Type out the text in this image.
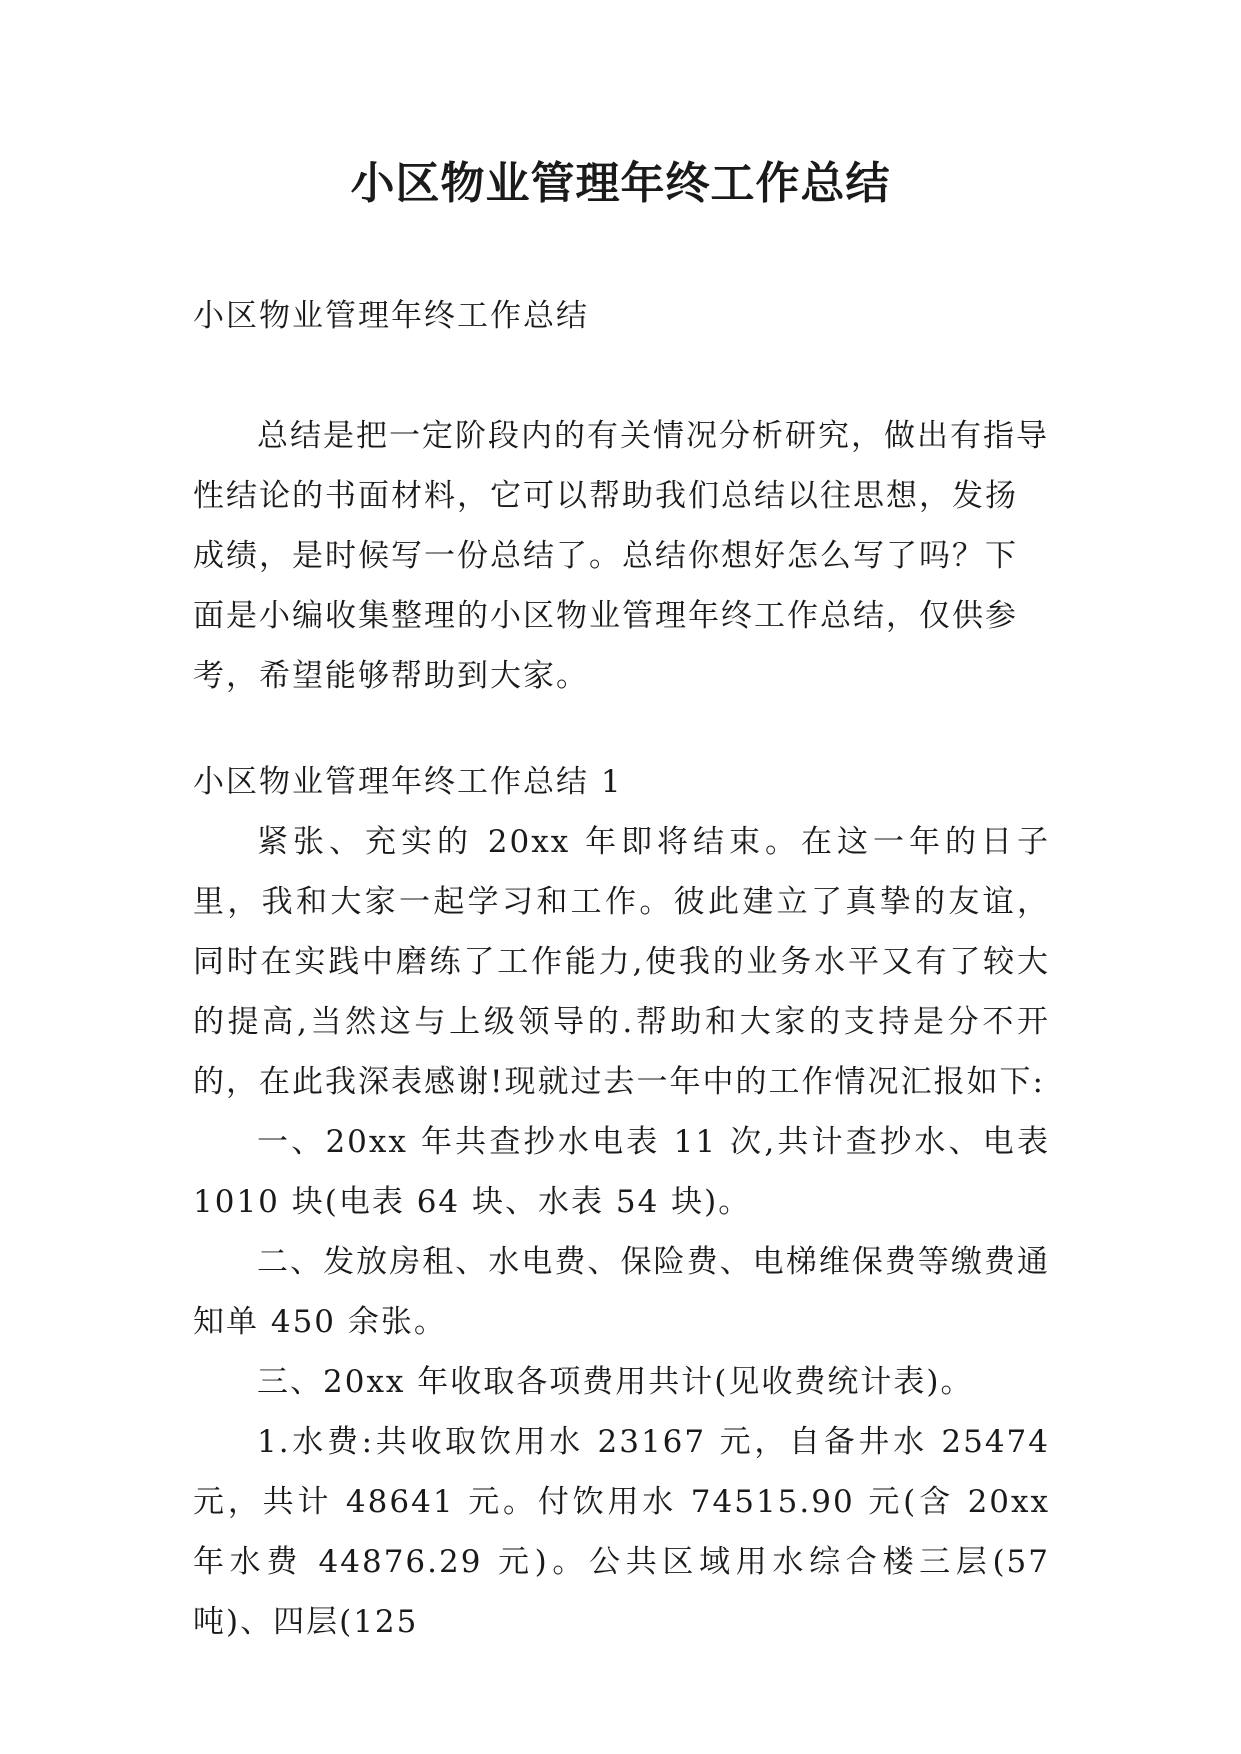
小区物业管理年终工作总结

小区物业管理年终工作总结

总结是把一定阶段内的有关情况分析研究，做出有指导性结论的书面材料，它可以帮助我们总结以往思想，发扬成绩，是时候写一份总结了。总结你想好怎么写了吗？下面是小编收集整理的小区物业管理年终工作总结，仅供参考，希望能够帮助到大家。

小区物业管理年终工作总结 1

紧张、充实的 20xx 年即将结束。在这一年的日子里，我和大家一起学习和工作。彼此建立了真挚的友谊，同时在实践中磨练了工作能力,使我的业务水平又有了较大的提高,当然这与上级领导的.帮助和大家的支持是分不开的，在此我深表感谢!现就过去一年中的工作情况汇报如下:

一、20xx 年共查抄水电表 11 次,共计查抄水、电表 1010 块(电表 64 块、水表 54 块)。

二、发放房租、水电费、保险费、电梯维保费等缴费通知单 450 余张。

三、20xx 年收取各项费用共计(见收费统计表)。

1.水费:共收取饮用水 23167 元，自备井水 25474 元，共计 48641 元。付饮用水 74515.90 元(含 20xx 年水费 44876.29 元)。公共区域用水综合楼三层(57 吨)、四层(125
